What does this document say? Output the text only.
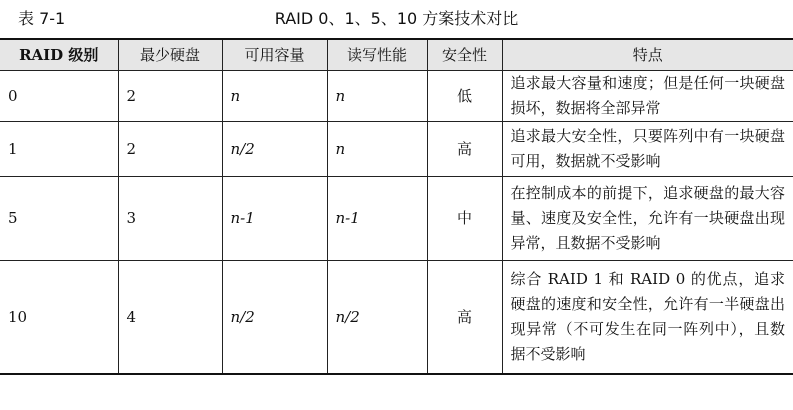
表 7-1	RAID 0、1、5、10 方案技术对比
RAID 级别	最少硬盘	可用容量	读写性能	安全性	特点
0	2	n	n	低	追求最大容量和速度；但是任何一块硬盘损坏，数据将全部异常
1	2	n/2	n	高	追求最大安全性，只要阵列中有一块硬盘可用，数据就不受影响
5	3	n-1	n-1	中	在控制成本的前提下，追求硬盘的最大容量、速度及安全性，允许有一块硬盘出现异常，且数据不受影响
10	4	n/2	n/2	高	综合 RAID 1 和 RAID 0 的优点，追求硬盘的速度和安全性，允许有一半硬盘出现异常（不可发生在同一阵列中），且数据不受影响
